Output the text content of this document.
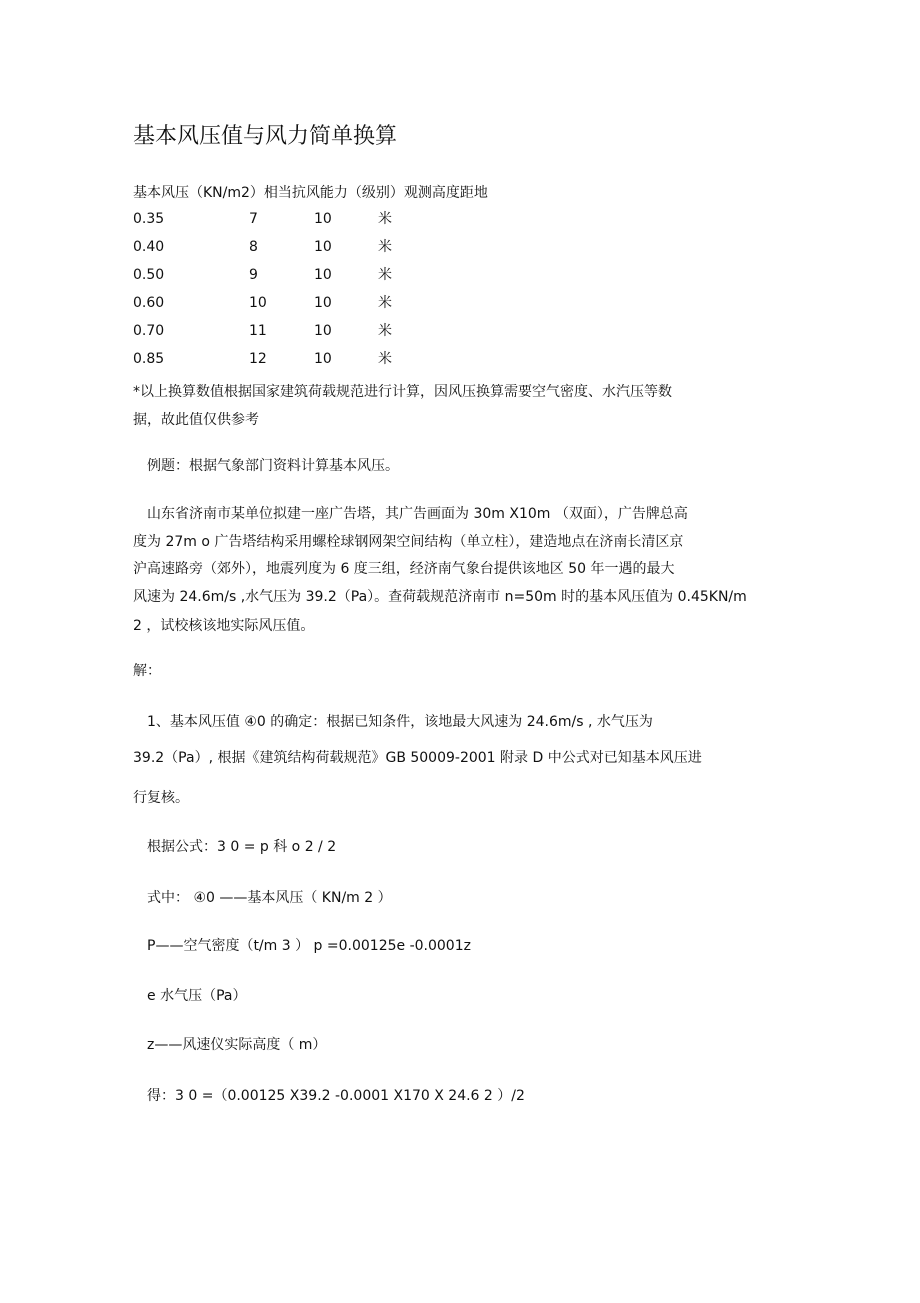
基本风压值与风力简单换算
基本风压（KN/m2）相当抗风能力（级别）观测高度距地
0.35	7	10	米
0.40	8	10	米
0.50	9	10	米
0.60	10	10	米
0.70	11	10	米
0.85	12	10	米
*以上换算数值根据国家建筑荷载规范进行计算，因风压换算需要空气密度、水汽压等数
据，故此值仅供参考
例题：根据气象部门资料计算基本风压。
山东省济南市某单位拟建一座广告塔，其广告画面为 30m X10m （双面），广告牌总高
度为 27m o 广告塔结构采用螺栓球钢网架空间结构（单立柱），建造地点在济南长清区京
沪高速路旁（郊外），地震列度为 6 度三组，经济南气象台提供该地区 50 年一遇的最大
风速为 24.6m/s ,水气压为 39.2（Pa）。查荷载规范济南市 n=50m 时的基本风压值为 0.45KN/m
2 ，试校核该地实际风压值。
解：
1、基本风压值 ④0 的确定：根据已知条件，该地最大风速为 24.6m/s , 水气压为
39.2（Pa）, 根据《建筑结构荷载规范》GB 50009-2001 附录 D 中公式对已知基本风压进
行复核。
根据公式：3 0 = p 科 o 2 / 2
式中： ④0 ——基本风压（ KN/m 2 ）
P——空气密度（t/m 3 ） p =0.00125e -0.0001z
e 水气压（Pa）
z——风速仪实际高度（ m）
得：3 0 =（0.00125 X39.2 -0.0001 X170 X 24.6 2 ）/2
